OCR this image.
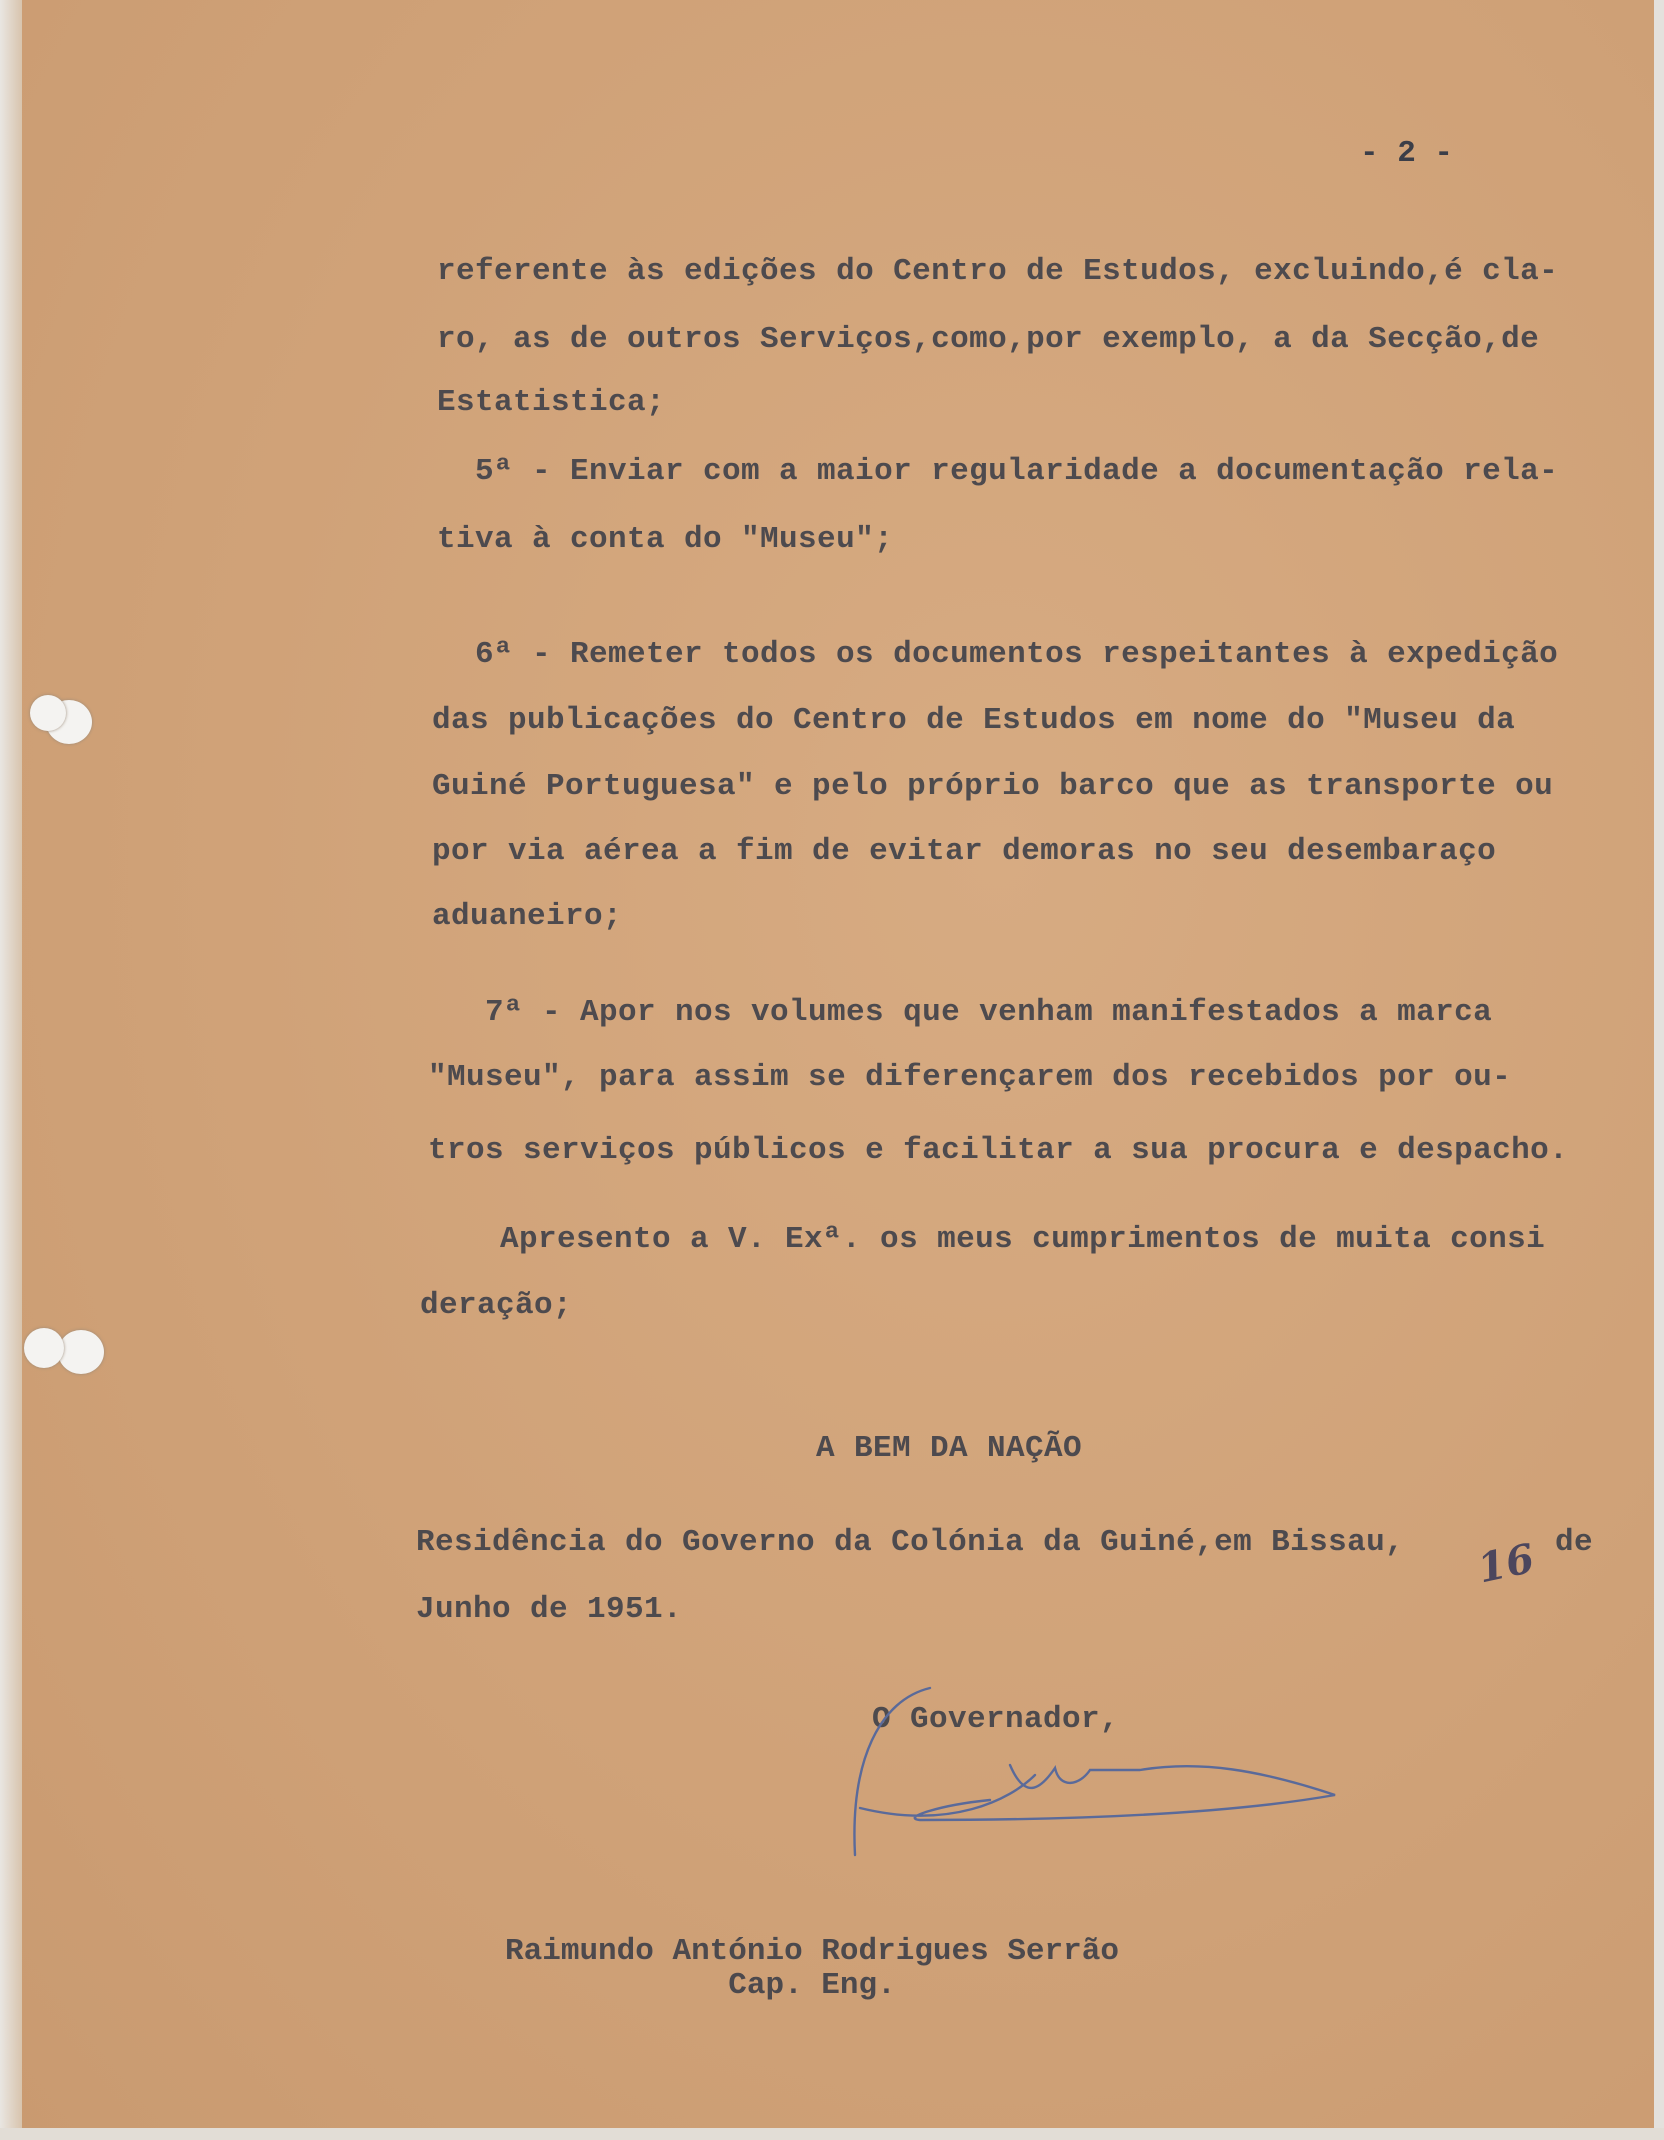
- 2 -
referente às edições do Centro de Estudos, excluindo,é cla-
ro, as de outros Serviços,como,por exemplo, a da Secção,de
Estatistica;
5ª - Enviar com a maior regularidade a documentação rela-
tiva à conta do "Museu";
6ª - Remeter todos os documentos respeitantes à expedição
das publicações do Centro de Estudos em nome do "Museu da
Guiné Portuguesa" e pelo próprio barco que as transporte ou
por via aérea a fim de evitar demoras no seu desembaraço
aduaneiro;
7ª - Apor nos volumes que venham manifestados a marca
"Museu", para assim se diferençarem dos recebidos por ou-
tros serviços públicos e facilitar a sua procura e despacho.
Apresento a V. Exª. os meus cumprimentos de muita consi
deração;
A BEM DA NAÇÃO
Residência do Governo da Colónia da Guiné,em Bissau, 16 de
Junho de 1951.
O Governador,
Raimundo António Rodrigues Serrão
Cap. Eng.
